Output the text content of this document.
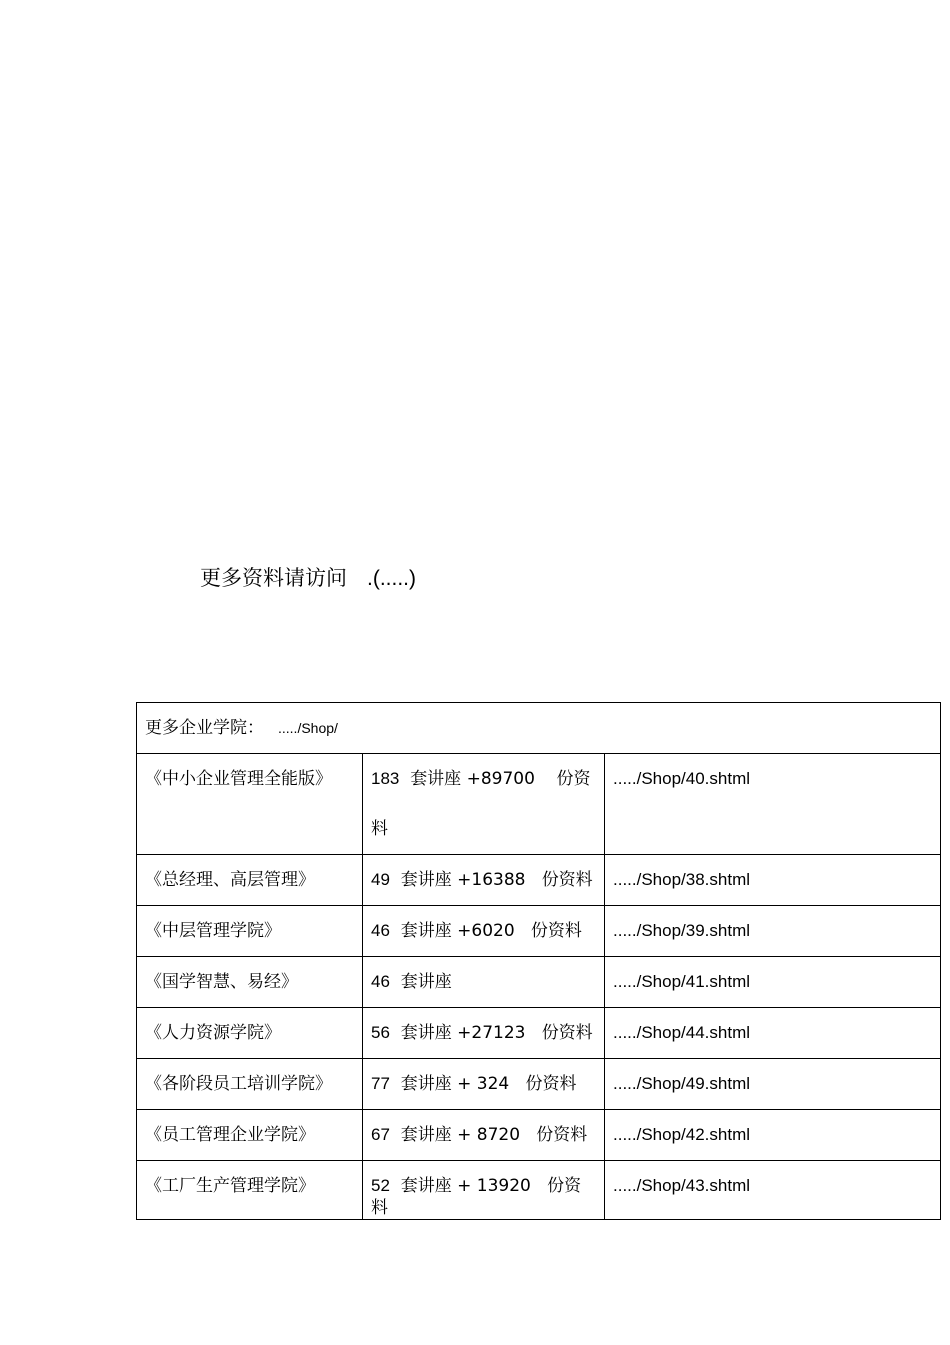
更多资料请访问 .(.....)
更多企业学院： ...../Shop/		
《中小企业管理全能版》	183 套讲座 +89700 份资料	...../Shop/40.shtml
《总经理、高层管理》	49 套讲座 +16388 份资料	...../Shop/38.shtml
《中层管理学院》	46 套讲座 +6020 份资料	...../Shop/39.shtml
《国学智慧、易经》	46 套讲座	...../Shop/41.shtml
《人力资源学院》	56 套讲座 +27123 份资料	...../Shop/44.shtml
《各阶段员工培训学院》	77 套讲座 + 324 份资料	...../Shop/49.shtml
《员工管理企业学院》	67 套讲座 + 8720 份资料	...../Shop/42.shtml
《工厂生产管理学院》	52 套讲座 + 13920 份资料	...../Shop/43.shtml
